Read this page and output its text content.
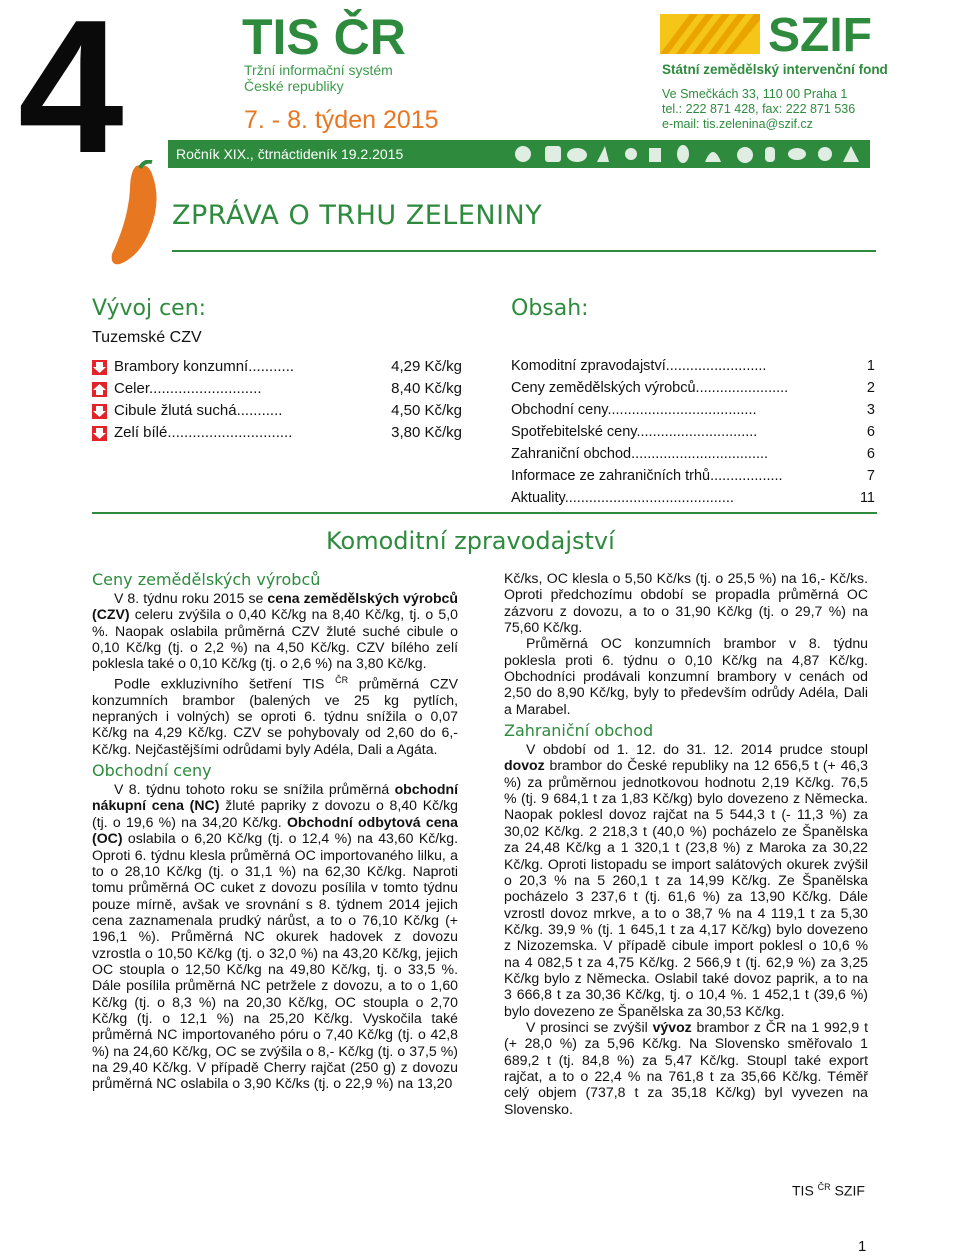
4 TIS ČR
Tržní informační systém
České republiky
7. - 8. týden 2015
SZIF
Státní zemědělský intervenční fond
Ve Smečkách 33, 110 00 Praha 1
tel.: 222 871 428, fax: 222 871 536
e-mail: tis.zelenina@szif.cz
Ročník XIX., čtrnáctideník 19.2.2015
ZPRÁVA O TRHU ZELENINY
Vývoj cen:
Tuzemské CZV
Brambory konzumní...........	4,29 Kč/kg
Celer...........................	8,40 Kč/kg
Cibule žlutá suchá...........	4,50 Kč/kg
Zelí bílé..............................	3,80 Kč/kg
Obsah:
Komoditní zpravodajství.........................	1
Ceny zemědělských výrobců.......................	2
Obchodní ceny.....................................	3
Spotřebitelské ceny..............................	6
Zahraniční obchod..................................	6
Informace ze zahraničních trhů..................	7
Aktuality..........................................	11
Komoditní zpravodajství

Ceny zemědělských výrobců

V 8. týdnu roku 2015 se cena zemědělských výrobců (CZV) celeru zvýšila o 0,40 Kč/kg na 8,40 Kč/kg, tj. o 5,0 %. Naopak oslabila průměrná CZV žluté suché cibule o 0,10 Kč/kg (tj. o 2,2 %) na 4,50 Kč/kg. CZV bílého zelí poklesla také o 0,10 Kč/kg (tj. o 2,6 %) na 3,80 Kč/kg.

Podle exkluzivního šetření TIS $^{ČR}$ průměrná CZV konzumních brambor (balených ve 25 kg pytlích, nepraných i volných) se oproti 6. týdnu snížila o 0,07 Kč/kg na 4,29 Kč/kg. CZV se pohybovaly od 2,60 do 6,- Kč/kg. Nejčastějšími odrůdami byly Adéla, Dali a Agáta.

Obchodní ceny

V 8. týdnu tohoto roku se snížila průměrná obchodní nákupní cena (NC) žluté papriky z dovozu o 8,40 Kč/kg (tj. o 19,6 %) na 34,20 Kč/kg. Obchodní odbytová cena (OC) oslabila o 6,20 Kč/kg (tj. o 12,4 %) na 43,60 Kč/kg. Oproti 6. týdnu klesla průměrná OC importovaného lilku, a to o 28,10 Kč/kg (tj. o 31,1 %) na 62,30 Kč/kg. Naproti tomu průměrná OC cuket z dovozu posílila v tomto týdnu pouze mírně, avšak ve srovnání s 8. týdnem 2014 jejich cena zaznamenala prudký nárůst, a to o 76,10 Kč/kg (+ 196,1 %). Průměrná NC okurek hadovek z dovozu vzrostla o 10,50 Kč/kg (tj. o 32,0 %) na 43,20 Kč/kg, jejich OC stoupla o 12,50 Kč/kg na 49,80 Kč/kg, tj. o 33,5 %. Dále posílila průměrná NC petržele z dovozu, a to o 1,60 Kč/kg (tj. o 8,3 %) na 20,30 Kč/kg, OC stoupla o 2,70 Kč/kg (tj. o 12,1 %) na 25,20 Kč/kg. Vyskočila také průměrná NC importovaného póru o 7,40 Kč/kg (tj. o 42,8 %) na 24,60 Kč/kg, OC se zvýšila o 8,- Kč/kg (tj. o 37,5 %) na 29,40 Kč/kg. V případě Cherry rajčat (250 g) z dovozu průměrná NC oslabila o 3,90 Kč/ks (tj. o 22,9 %) na 13,20

Kč/ks, OC klesla o 5,50 Kč/ks (tj. o 25,5 %) na 16,- Kč/ks. Oproti předchozímu období se propadla průměrná OC zázvoru z dovozu, a to o 31,90 Kč/kg (tj. o 29,7 %) na 75,60 Kč/kg.

Průměrná OC konzumních brambor v 8. týdnu poklesla proti 6. týdnu o 0,10 Kč/kg na 4,87 Kč/kg. Obchodníci prodávali konzumní brambory v cenách od 2,50 do 8,90 Kč/kg, byly to především odrůdy Adéla, Dali a Marabel.

Zahraniční obchod

V období od 1. 12. do 31. 12. 2014 prudce stoupl dovoz brambor do České republiky na 12 656,5 t (+ 46,3 %) za průměrnou jednotkovou hodnotu 2,19 Kč/kg. 76,5 % (tj. 9 684,1 t za 1,83 Kč/kg) bylo dovezeno z Německa. Naopak poklesl dovoz rajčat na 5 544,3 t (- 11,3 %) za 30,02 Kč/kg. 2 218,3 t (40,0 %) pocházelo ze Španělska za 24,48 Kč/kg a 1 320,1 t (23,8 %) z Maroka za 30,22 Kč/kg. Oproti listopadu se import salátových okurek zvýšil o 20,3 % na 5 260,1 t za 14,99 Kč/kg. Ze Španělska pocházelo 3 237,6 t (tj. 61,6 %) za 13,90 Kč/kg. Dále vzrostl dovoz mrkve, a to o 38,7 % na 4 119,1 t za 5,30 Kč/kg. 39,9 % (tj. 1 645,1 t za 4,17 Kč/kg) bylo dovezeno z Nizozemska. V případě cibule import poklesl o 10,6 % na 4 082,5 t za 4,75 Kč/kg. 2 566,9 t (tj. 62,9 %) za 3,25 Kč/kg bylo z Německa. Oslabil také dovoz paprik, a to na 3 666,8 t za 30,36 Kč/kg, tj. o 10,4 %. 1 452,1 t (39,6 %) bylo dovezeno ze Španělska za 30,53 Kč/kg.

V prosinci se zvýšil vývoz brambor z ČR na 1 992,9 t (+ 28,0 %) za 5,96 Kč/kg. Na Slovensko směřovalo 1 689,2 t (tj. 84,8 %) za 5,47 Kč/kg. Stoupl také export rajčat, a to o 22,4 % na 761,8 t za 35,66 Kč/kg. Téměř celý objem (737,8 t za 35,18 Kč/kg) byl vyvezen na Slovensko.

TIS $^{ČR}$ SZIF
1
